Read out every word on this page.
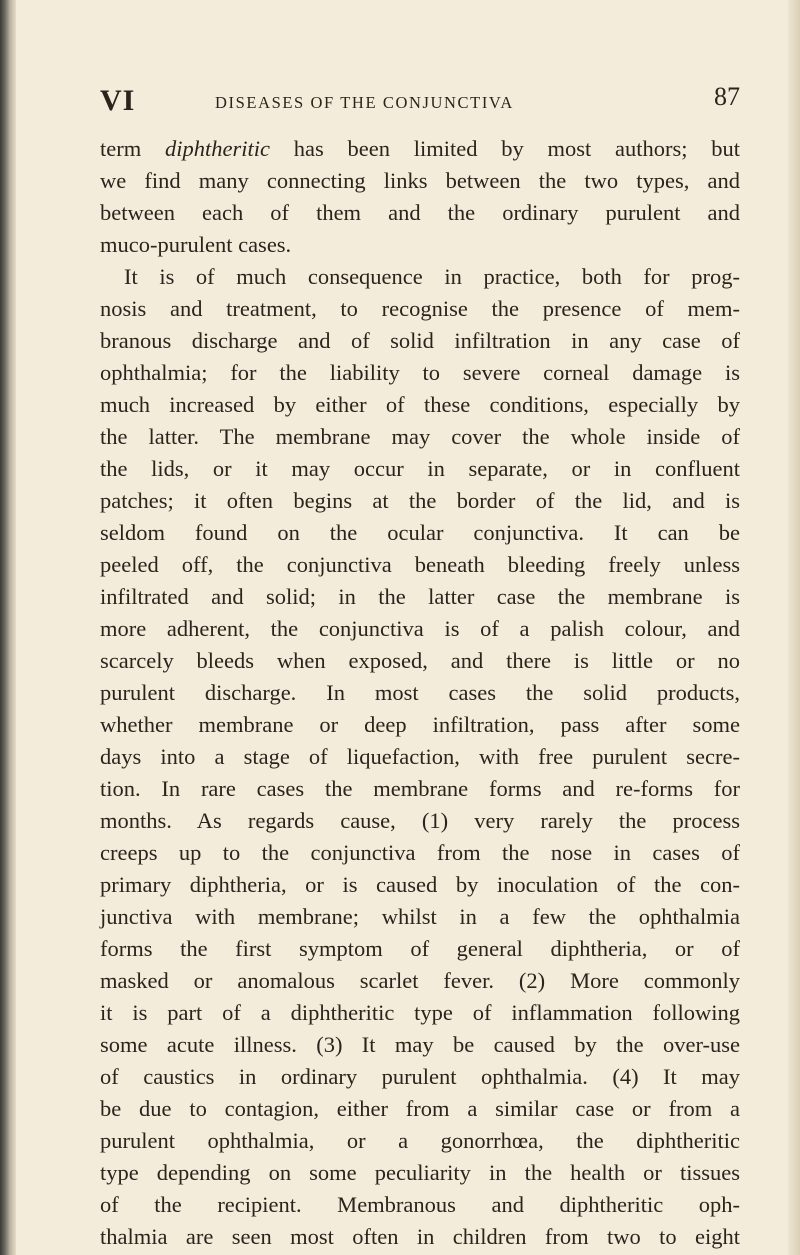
VI	DISEASES OF THE CONJUNCTIVA	87
term diphtheritic has been limited by most authors; but
we find many connecting links between the two types, and
between each of them and the ordinary purulent and
muco-purulent cases.
It is of much consequence in practice, both for prog-
nosis and treatment, to recognise the presence of mem-
branous discharge and of solid infiltration in any case of
ophthalmia; for the liability to severe corneal damage is
much increased by either of these conditions, especially by
the latter. The membrane may cover the whole inside of
the lids, or it may occur in separate, or in confluent
patches; it often begins at the border of the lid, and is
seldom found on the ocular conjunctiva. It can be
peeled off, the conjunctiva beneath bleeding freely unless
infiltrated and solid; in the latter case the membrane is
more adherent, the conjunctiva is of a palish colour, and
scarcely bleeds when exposed, and there is little or no
purulent discharge. In most cases the solid products,
whether membrane or deep infiltration, pass after some
days into a stage of liquefaction, with free purulent secre-
tion. In rare cases the membrane forms and re-forms for
months. As regards cause, (1) very rarely the process
creeps up to the conjunctiva from the nose in cases of
primary diphtheria, or is caused by inoculation of the con-
junctiva with membrane; whilst in a few the ophthalmia
forms the first symptom of general diphtheria, or of
masked or anomalous scarlet fever. (2) More commonly
it is part of a diphtheritic type of inflammation following
some acute illness. (3) It may be caused by the over-use
of caustics in ordinary purulent ophthalmia. (4) It may
be due to contagion, either from a similar case or from a
purulent ophthalmia, or a gonorrhœa, the diphtheritic
type depending on some peculiarity in the health or tissues
of the recipient. Membranous and diphtheritic oph-
thalmia are seen most often in children from two to eight
